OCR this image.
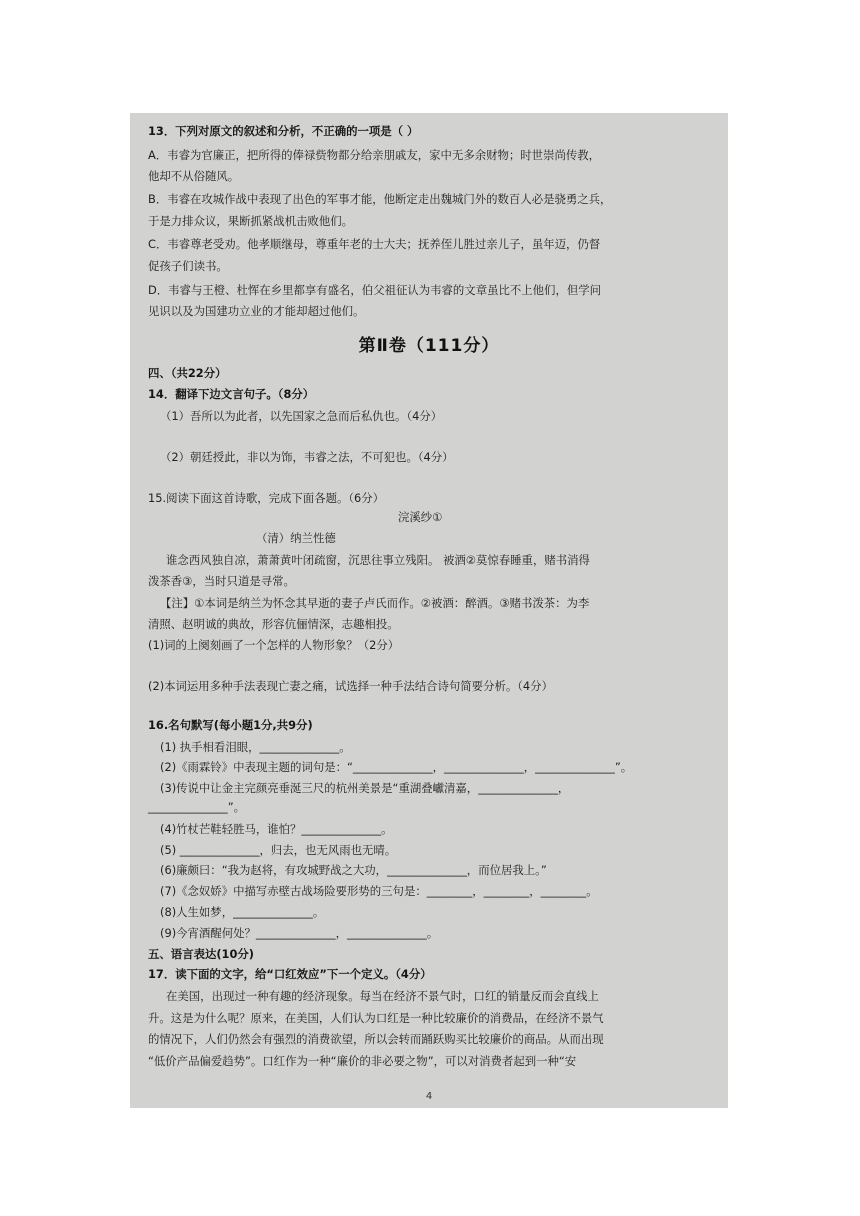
13．下列对原文的叙述和分析，不正确的一项是（ ）
A．韦睿为官廉正，把所得的俸禄赀物都分给亲朋戚友，家中无多余财物；时世崇尚传教，
他却不从俗随风。
B．韦睿在攻城作战中表现了出色的军事才能，他断定走出魏城门外的数百人必是骁勇之兵，
于是力排众议，果断抓紧战机击败他们。
C．韦睿尊老受劝。他孝顺继母，尊重年老的士大夫；抚养侄儿胜过亲儿子，虽年迈，仍督
促孩子们读书。
D．韦睿与王橙、杜恽在乡里都享有盛名，伯父祖征认为韦睿的文章虽比不上他们，但学问
见识以及为国建功立业的才能却超过他们。
第Ⅱ卷（111分）
四、（共22分）
14．翻译下边文言句子。（8分）
（1）吾所以为此者，以先国家之急而后私仇也。（4分）
（2）朝廷授此，非以为饰，韦睿之法，不可犯也。（4分）
15.阅读下面这首诗歌，完成下面各题。（6分）
浣溪纱①
（清）纳兰性德
谁念西风独自凉，萧萧黄叶闭疏窗，沉思往事立残阳。 被酒②莫惊春睡重，赌书消得
泼茶香③，当时只道是寻常。
【注】①本词是纳兰为怀念其早逝的妻子卢氏而作。②被酒：醉酒。③赌书泼茶：为李
清照、赵明诚的典故，形容伉俪情深，志趣相投。
(1)词的上阕刻画了一个怎样的人物形象？（2分）
(2)本词运用多种手法表现亡妻之痛，试选择一种手法结合诗句简要分析。（4分）
16.名句默写(每小题1分,共9分)
(1) 执手相看泪眼，______________。
(2)《雨霖铃》中表现主题的词句是：“______________，______________，______________”。
(3)传说中让金主完颜亮垂涎三尺的杭州美景是“重湖叠巘清嘉，______________，
______________”。
(4)竹杖芒鞋轻胜马，谁怕？______________。
(5) ______________，归去，也无风雨也无晴。
(6)廉颇曰：“我为赵将，有攻城野战之大功，______________，而位居我上。”
(7)《念奴娇》中描写赤壁古战场险要形势的三句是：________，________，________。
(8)人生如梦，______________。
(9)今宵酒醒何处？______________，______________。
五、语言表达(10分)
17．读下面的文字，给“口红效应”下一个定义。（4分）
在美国，出现过一种有趣的经济现象。每当在经济不景气时，口红的销量反而会直线上
升。这是为什么呢？原来，在美国，人们认为口红是一种比较廉价的消费品，在经济不景气
的情况下，人们仍然会有强烈的消费欲望，所以会转而踊跃购买比较廉价的商品。从而出现
“低价产品偏爱趋势”。口红作为一种“廉价的非必要之物”，可以对消费者起到一种“安
4
